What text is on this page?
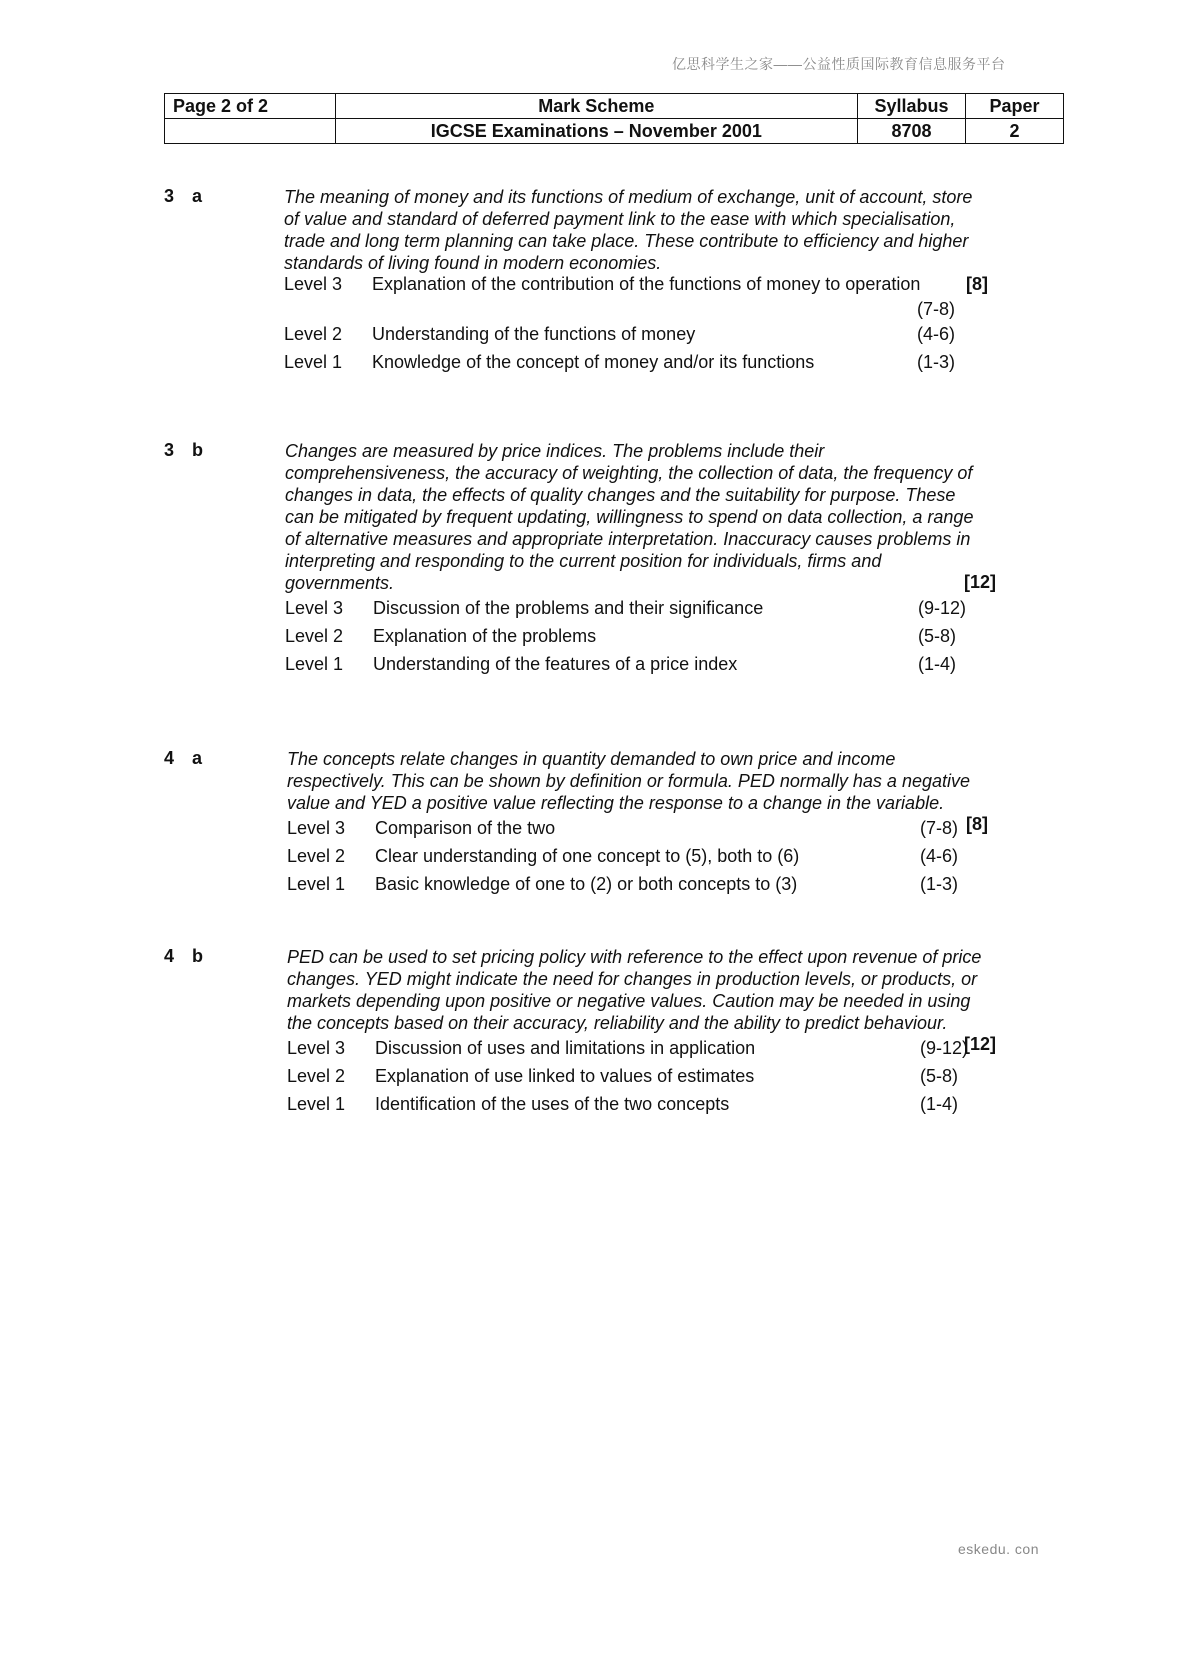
亿思科学生之家——公益性质国际教育信息服务平台
Page 2 of 2	Mark Scheme	Syllabus	Paper
	IGCSE Examinations – November 2001	8708	2
3 a	The meaning of money and its functions of medium of exchange, unit of account, store of value and standard of deferred payment link to the ease with which specialisation, trade and long term planning can take place. These contribute to efficiency and higher standards of living found in modern economies.

Level 3	Explanation of the contribution of the functions of money to operation
(7-8)
Level 2	Understanding of the functions of money	(4-6)
Level 1	Knowledge of the concept of money and/or its functions	(1-3)
[8]
3 b	Changes are measured by price indices. The problems include their comprehensiveness, the accuracy of weighting, the collection of data, the frequency of changes in data, the effects of quality changes and the suitability for purpose. These can be mitigated by frequent updating, willingness to spend on data collection, a range of alternative measures and appropriate interpretation. Inaccuracy causes problems in interpreting and responding to the current position for individuals, firms and governments.

Level 3	Discussion of the problems and their significance	(9-12)
Level 2	Explanation of the problems	(5-8)
Level 1	Understanding of the features of a price index	(1-4)
[12]
4 a	The concepts relate changes in quantity demanded to own price and income respectively. This can be shown by definition or formula. PED normally has a negative value and YED a positive value reflecting the response to a change in the variable.

Level 3	Comparison of the two	(7-8)
Level 2	Clear understanding of one concept to (5), both to (6)	(4-6)
Level 1	Basic knowledge of one to (2) or both concepts to (3)	(1-3)
[8]
4 b	PED can be used to set pricing policy with reference to the effect upon revenue of price changes. YED might indicate the need for changes in production levels, or products, or markets depending upon positive or negative values. Caution may be needed in using the concepts based on their accuracy, reliability and the ability to predict behaviour.

Level 3	Discussion of uses and limitations in application	(9-12)
Level 2	Explanation of use linked to values of estimates	(5-8)
Level 1	Identification of the uses of the two concepts	(1-4)
[12]
eskedu. con
